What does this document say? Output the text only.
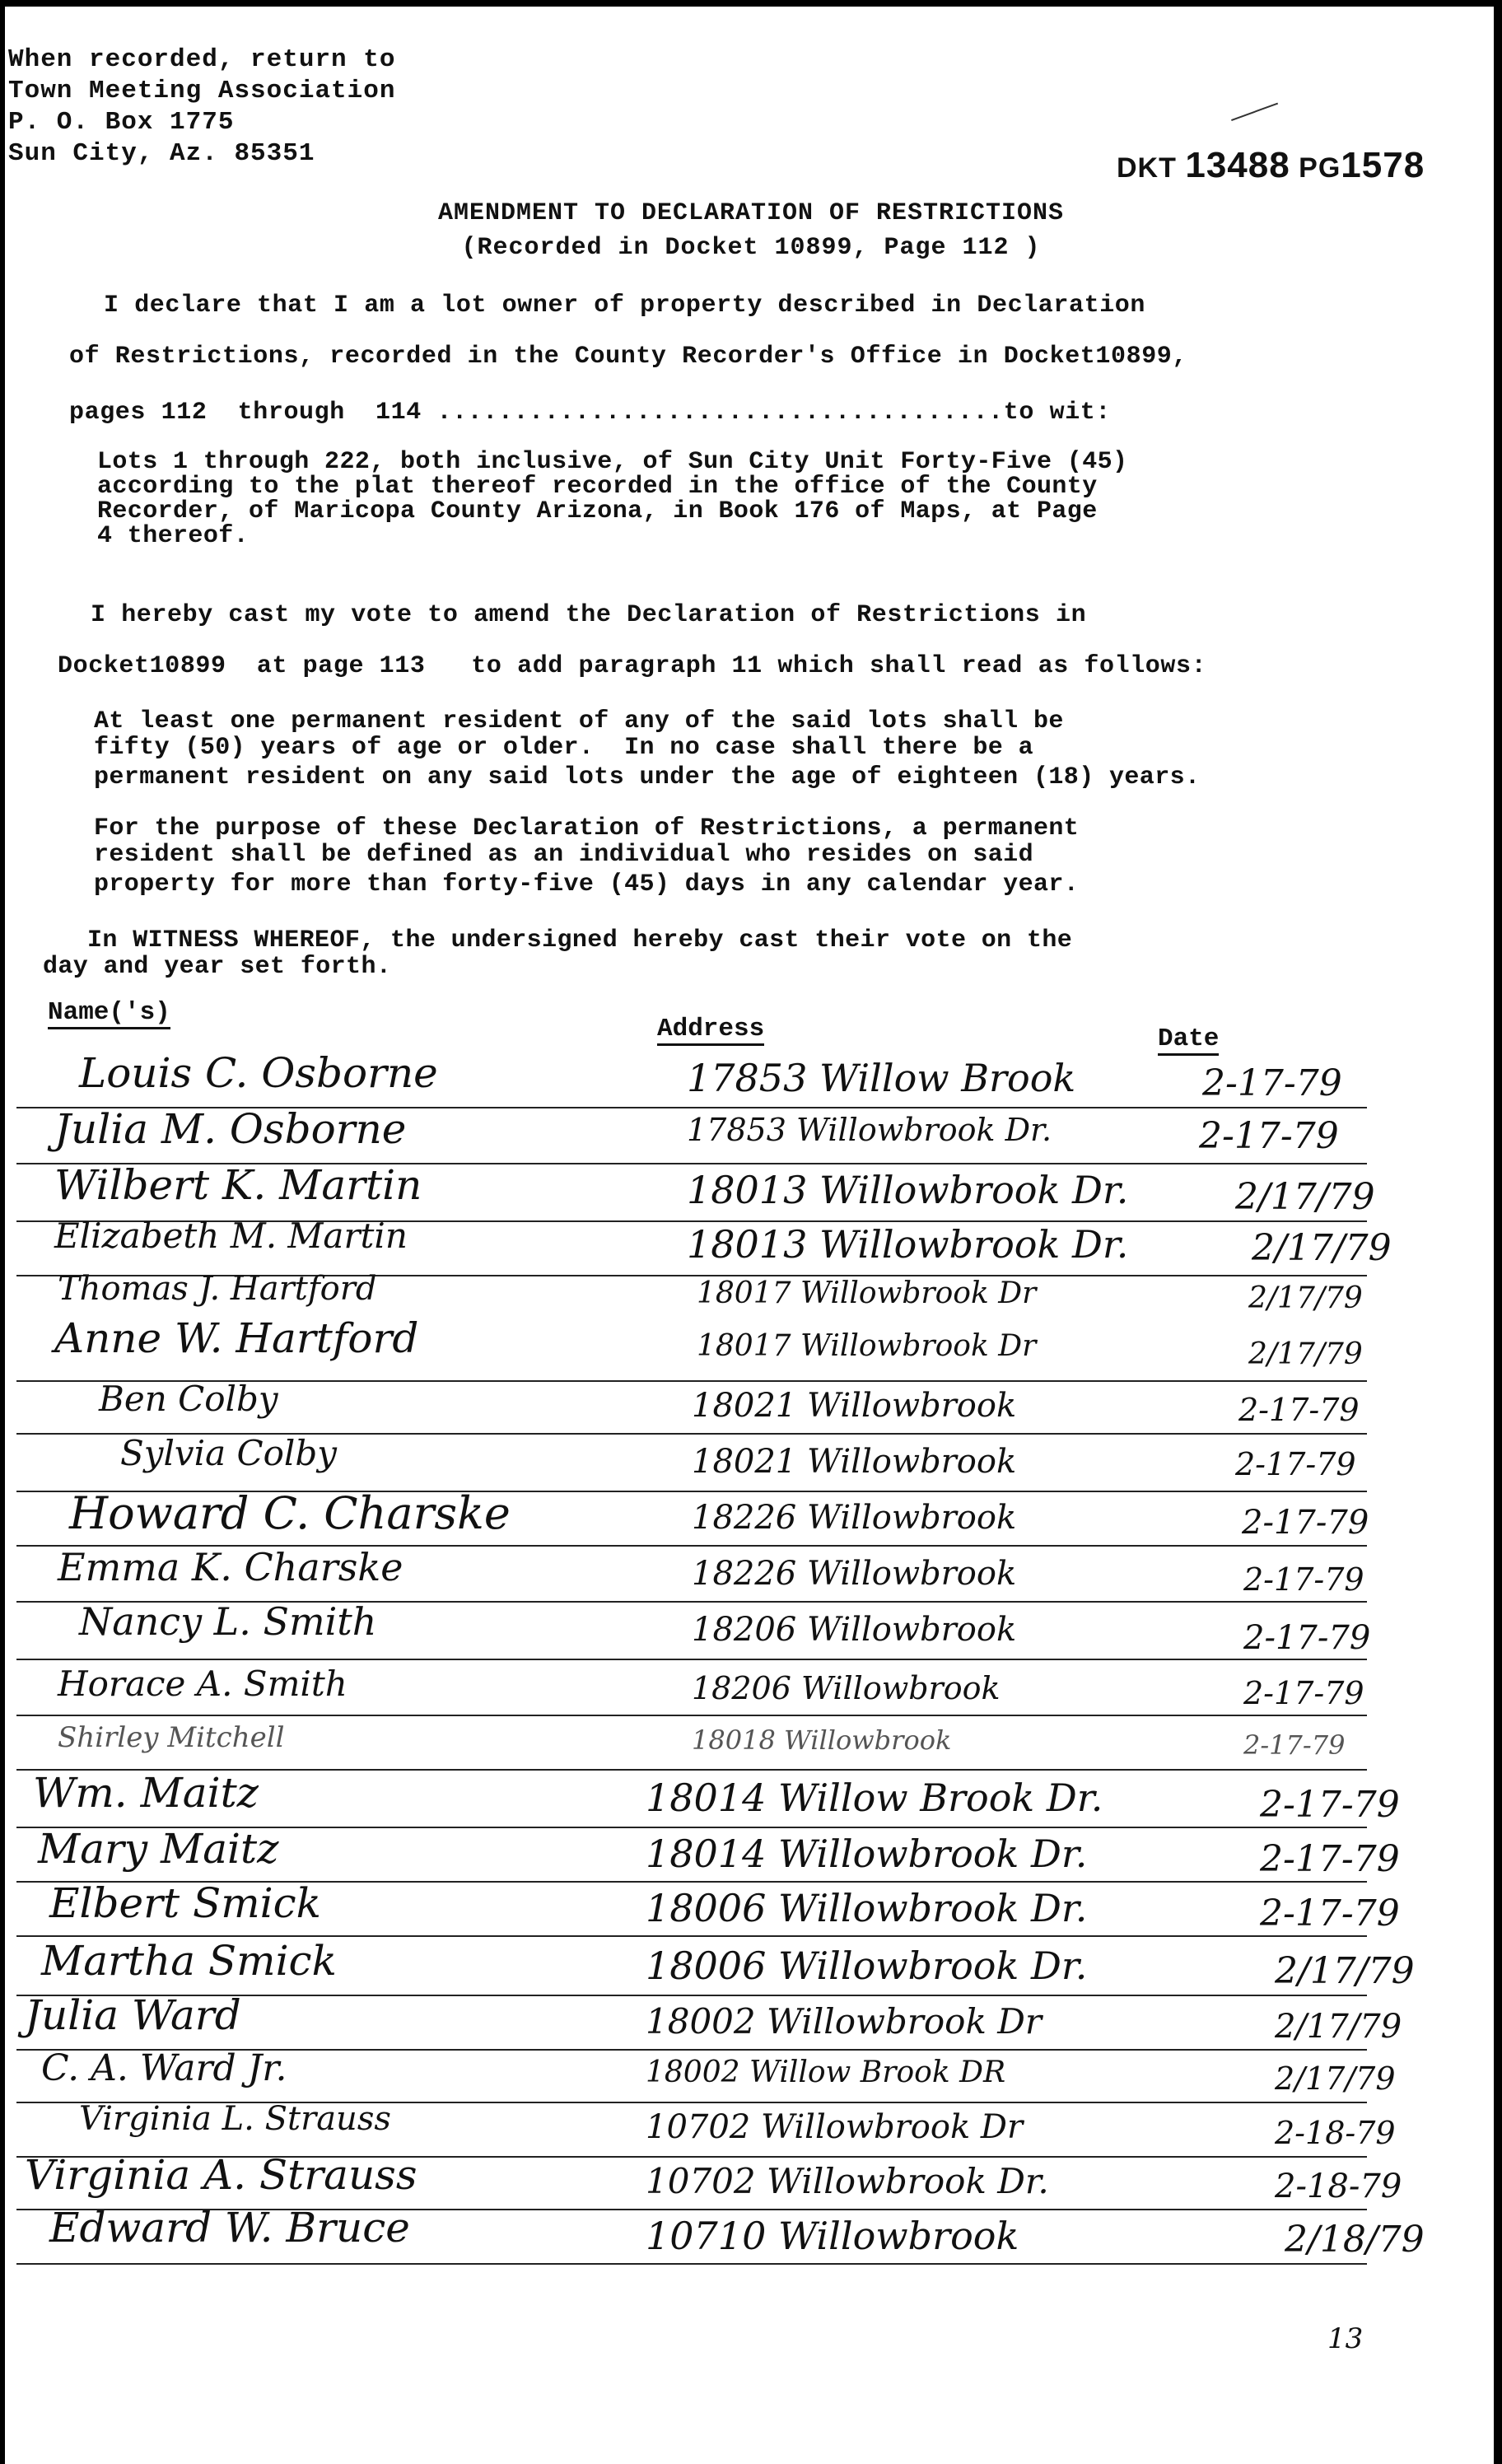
When recorded, return to
Town Meeting Association
P. O. Box 1775
Sun City, Az. 85351	DKT 13488 PG1578
AMENDMENT TO DECLARATION OF RESTRICTIONS
(Recorded in Docket 10899, Page 112 )
I declare that I am a lot owner of property described in Declaration
of Restrictions, recorded in the County Recorder's Office in Docket10899,
pages 112  through  114 .....................................to wit:
Lots 1 through 222, both inclusive, of Sun City Unit Forty-Five (45)
according to the plat thereof recorded in the office of the County
Recorder, of Maricopa County Arizona, in Book 176 of Maps, at Page
4 thereof.
I hereby cast my vote to amend the Declaration of Restrictions in
Docket10899  at page 113   to add paragraph 11 which shall read as follows:
At least one permanent resident of any of the said lots shall be
fifty (50) years of age or older.  In no case shall there be a
permanent resident on any said lots under the age of eighteen (18) years.
For the purpose of these Declaration of Restrictions, a permanent
resident shall be defined as an individual who resides on said
property for more than forty-five (45) days in any calendar year.
In WITNESS WHEREOF, the undersigned hereby cast their vote on the
day and year set forth.
Name('s)
Address	Date
Louis C. Osborne	17853 Willow Brook	2-17-79
Julia M. Osborne	17853 Willowbrook Dr.	2-17-79
Wilbert K. Martin	18013 Willowbrook Dr.	2/17/79
Elizabeth M. Martin	18013 Willowbrook Dr.	2/17/79
Thomas J. Hartford	18017 Willowbrook Dr	2/17/79
Anne W. Hartford	18017 Willowbrook Dr	2/17/79
Ben Colby	18021 Willowbrook	2-17-79
Sylvia Colby	18021 Willowbrook	2-17-79
Howard C. Charske	18226 Willowbrook	2-17-79
Emma K. Charske	18226 Willowbrook	2-17-79
Nancy L. Smith	18206 Willowbrook	2-17-79
Horace A. Smith	18206 Willowbrook	2-17-79
Shirley Mitchell	18018 Willowbrook	2-17-79
Wm. Maitz	18014 Willow Brook Dr.	2-17-79
Mary Maitz	18014 Willowbrook Dr.	2-17-79
Elbert Smick	18006 Willowbrook Dr.	2-17-79
Martha Smick	18006 Willowbrook Dr.	2/17/79
Julia Ward	18002 Willowbrook Dr	2/17/79
C. A. Ward Jr.	18002 Willow Brook DR	2/17/79
Virginia L. Strauss	10702 Willowbrook Dr	2-18-79
Virginia A. Strauss	10702 Willowbrook Dr.	2-18-79
Edward W. Bruce	10710 Willowbrook	2/18/79
13
